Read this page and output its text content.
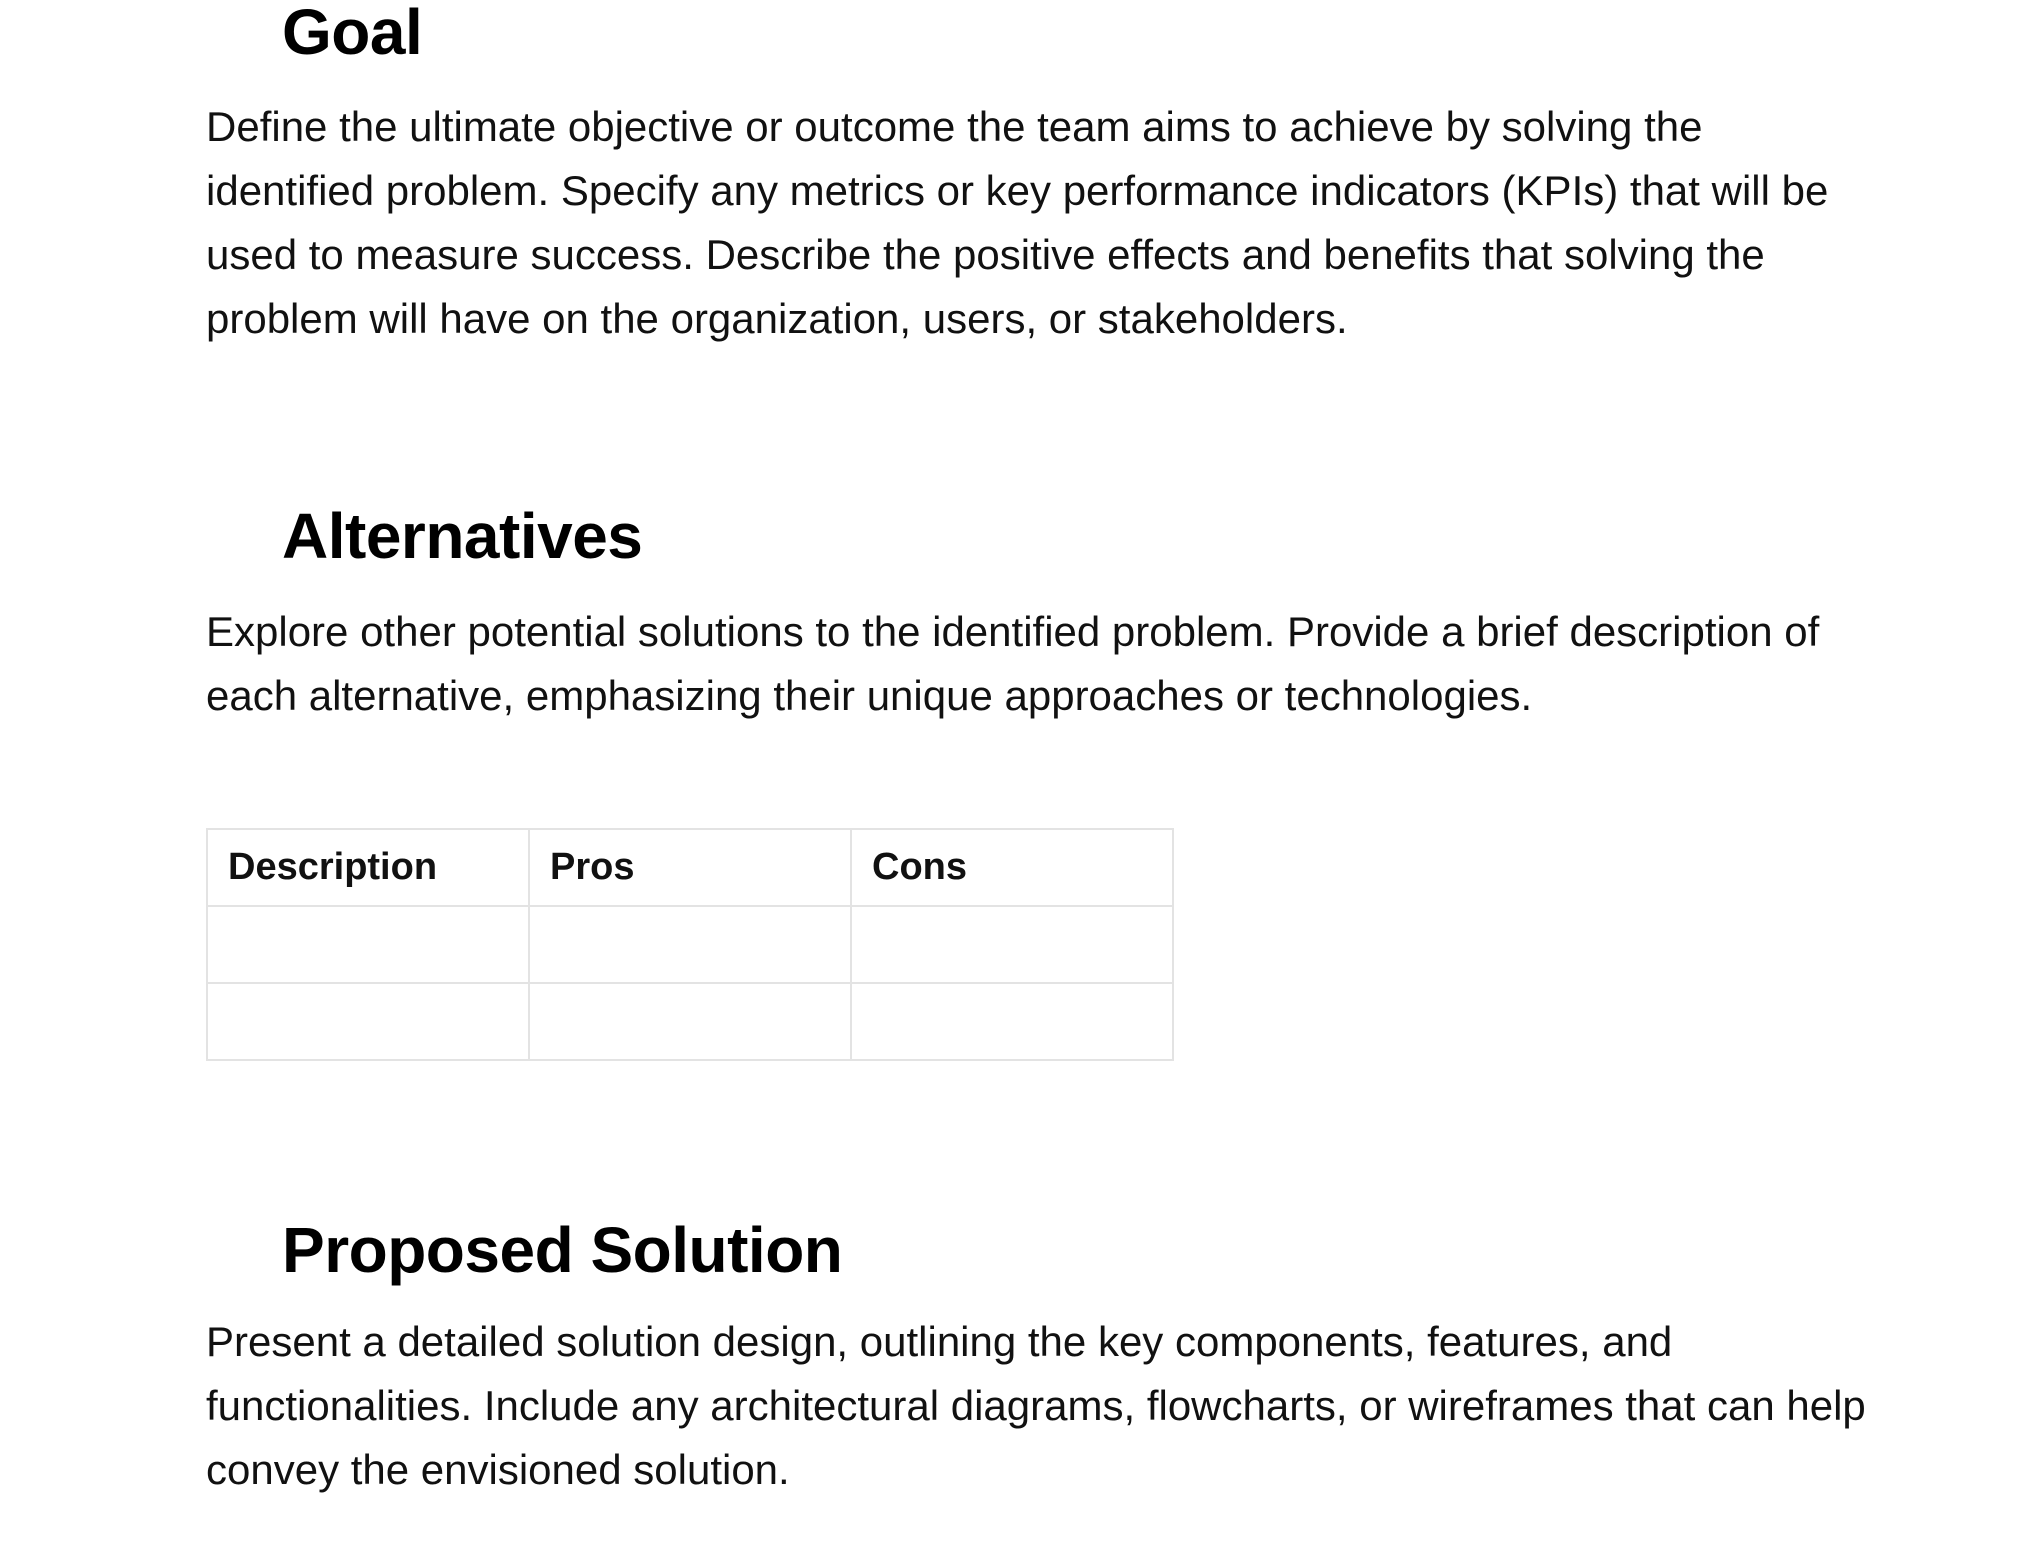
Goal

Define the ultimate objective or outcome the team aims to achieve by solving the identified problem. Specify any metrics or key performance indicators (KPIs) that will be used to measure success. Describe the positive effects and benefits that solving the problem will have on the organization, users, or stakeholders.

Alternatives

Explore other potential solutions to the identified problem. Provide a brief description of each alternative, emphasizing their unique approaches or technologies.

Description	Pros	Cons

Proposed Solution

Present a detailed solution design, outlining the key components, features, and functionalities. Include any architectural diagrams, flowcharts, or wireframes that can help convey the envisioned solution.
